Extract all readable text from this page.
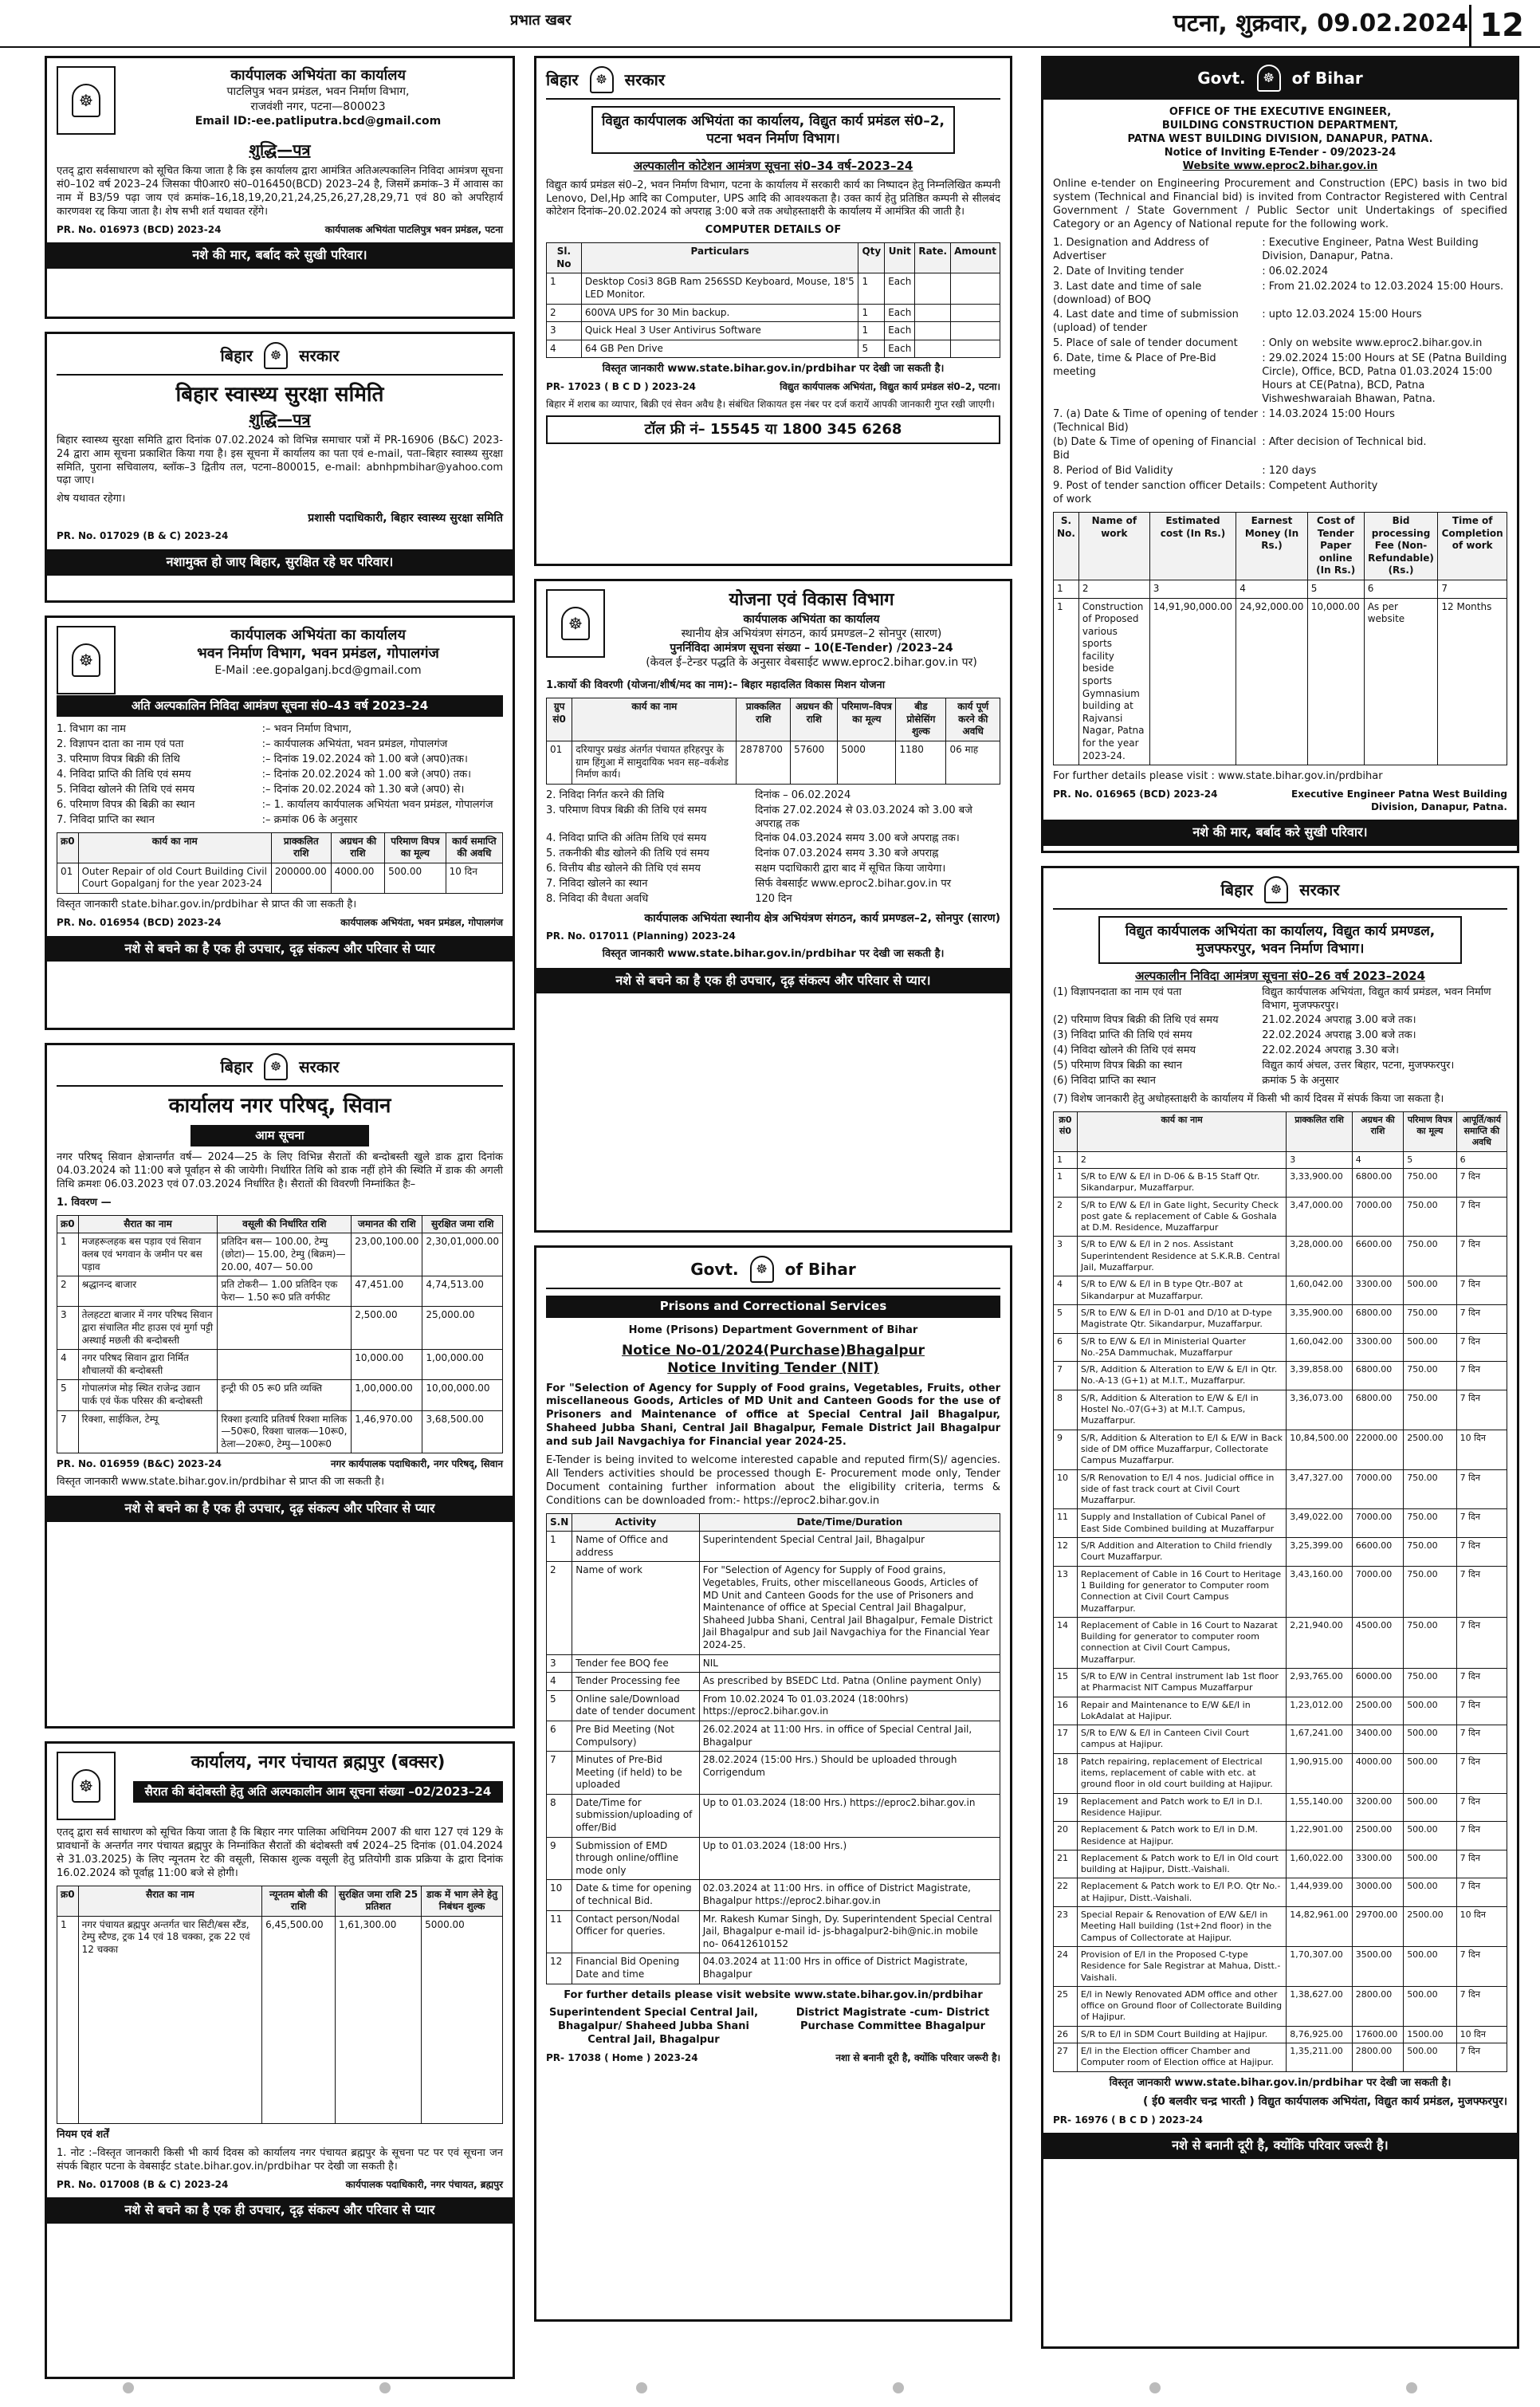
प्रभात खबर	पटना, शुक्रवार, 09.02.2024 12
☸
कार्यपालक अभियंता का कार्यालय
पाटलिपुत्र भवन प्रमंडल, भवन निर्माण विभाग,
राजवंशी नगर, पटना—800023
Email ID:-ee.patliputra.bcd@gmail.com
शुद्धि—पत्र
एतद् द्वारा सर्वसाधारण को सूचित किया जाता है कि इस कार्यालय द्वारा आमंत्रित अतिअल्पकालिन निविदा आमंत्रण सूचना सं0–102 वर्ष 2023–24 जिसका पी0आर0 सं0–016450(BCD) 2023–24 है, जिसमें क्रमांक–3 में आवास का नाम में B3/59 पढ़ा जाय एवं क्रमांक–16,18,19,20,21,24,25,26,27,28,29,71 एवं 80 को अपरिहार्य कारणवश रद्द किया जाता है। शेष सभी शर्त यथावत रहेंगे।
PR. No. 016973 (BCD) 2023-24	कार्यपालक अभियंता पाटलिपुत्र भवन प्रमंडल, पटना
नशे की मार, बर्बाद करे सुखी परिवार।
बिहार	☸	सरकार
बिहार स्वास्थ्य सुरक्षा समिति
शुद्धि—पत्र
बिहार स्वास्थ्य सुरक्षा समिति द्वारा दिनांक 07.02.2024 को विभिन्न समाचार पत्रों में PR-16906 (B&C) 2023-24 द्वारा आम सूचना प्रकाशित किया गया है। इस सूचना में कार्यालय का पता एवं e-mail, पता–बिहार स्वास्थ्य सुरक्षा समिति, पुराना सचिवालय, ब्लॉक–3 द्वितीय तल, पटना–800015, e-mail: abnhpmbihar@yahoo.com पढ़ा जाए।
शेष यथावत रहेगा।
प्रशासी पदाधिकारी, बिहार स्वास्थ्य सुरक्षा समिति
PR. No. 017029 (B & C) 2023-24
नशामुक्त हो जाए बिहार, सुरक्षित रहे घर परिवार।
☸
कार्यपालक अभियंता का कार्यालय
भवन निर्माण विभाग, भवन प्रमंडल, गोपालगंज
E-Mail :ee.gopalganj.bcd@gmail.com
अति अल्पकालिन निविदा आमंत्रण सूचना सं0–43 वर्ष 2023–24
1. विभाग का नाम	:– भवन निर्माण विभाग,
2. विज्ञापन दाता का नाम एवं पता	:– कार्यपालक अभियंता, भवन प्रमंडल, गोपालगंज
3. परिमाण विपत्र बिक्री की तिथि	:– दिनांक 19.02.2024 को 1.00 बजे (अप0)तक।
4. निविदा प्राप्ति की तिथि एवं समय	:– दिनांक 20.02.2024 को 1.00 बजे (अप0) तक।
5. निविदा खोलने की तिथि एवं समय	:– दिनांक 20.02.2024 को 1.30 बजे (अप0) से।
6. परिमाण विपत्र की बिक्री का स्थान	:– 1. कार्यालय कार्यपालक अभियंता भवन प्रमंडल, गोपालगंज
7. निविदा प्राप्ति का स्थान	:– क्रमांक 06 के अनुसार
क्र0	कार्य का नाम	प्राक्कलित राशि	अग्रधन की राशि	परिमाण विपत्र का मूल्य	कार्य समाप्ति की अवधि
01	Outer Repair of old Court Building Civil Court Gopalganj for the year 2023-24	200000.00	4000.00	500.00	10 दिन
विस्तृत जानकारी state.bihar.gov.in/prdbihar से प्राप्त की जा सकती है।
PR. No. 016954 (BCD) 2023-24	कार्यपालक अभियंता, भवन प्रमंडल, गोपालगंज
नशे से बचने का है एक ही उपचार, दृढ़ संकल्प और परिवार से प्यार
बिहार	☸	सरकार
कार्यालय नगर परिषद्, सिवान
आम सूचना
नगर परिषद् सिवान क्षेत्रान्तर्गत वर्ष— 2024—25 के लिए विभिन्न सैरातों की बन्दोबस्ती खुले डाक द्वारा दिनांक 04.03.2024 को 11:00 बजे पूर्वाहन से की जायेगी। निर्धारित तिथि को डाक नहीं होने की स्थिति में डाक की अगली तिथि क्रमशः 06.03.2023 एवं 07.03.2024 निर्धारित है। सैरातों की विवरणी निम्नांकित हैः–
1. विवरण —
क्र0	सैरात का नाम	वसूली की निर्धारित राशि	जमानत की राशि	सुरक्षित जमा राशि
1	मजहरूलहक बस पड़ाव एवं सिवान क्लब एवं भगवान के जमीन पर बस पड़ाव	प्रतिदिन बस— 100.00, टेम्पु (छोटा)— 15.00, टेम्पु (बिक्रम)—20.00, 407— 50.00	23,00,100.00	2,30,01,000.00
2	श्रद्धानन्द बाजार	प्रति टोकरी— 1.00 प्रतिदिन एक फेरा— 1.50 रू0 प्रति वर्गफीट	47,451.00	4,74,513.00
3	तेलहटटा बाजार में नगर परिषद सिवान द्वारा संचालित मीट हाउस एवं मुर्गा पट्टी अस्थाई मछली की बन्दोबस्ती		2,500.00	25,000.00
4	नगर परिषद सिवान द्वारा निर्मित शौचालयों की बन्दोबस्ती		10,000.00	1,00,000.00
5	गोपालगंज मोड़ स्थित राजेन्द्र उद्यान पार्क एवं फेंक परिसर की बन्दोबस्ती	इन्ट्री फी 05 रू0 प्रति व्यक्ति	1,00,000.00	10,00,000.00
7	रिक्शा, साईकिल, टेम्पू	रिक्शा इत्यादि प्रतिवर्ष रिक्शा मालिक—50रू0, रिक्शा चालक—10रू0, ठेला—20रू0, टेम्पु—100रू0	1,46,970.00	3,68,500.00
PR. No. 016959 (B&C) 2023-24	नगर कार्यपालक पदाधिकारी, नगर परिषद्, सिवान
विस्तृत जानकारी www.state.bihar.gov.in/prdbihar से प्राप्त की जा सकती है।
नशे से बचने का है एक ही उपचार, दृढ़ संकल्प और परिवार से प्यार
☸
कार्यालय, नगर पंचायत ब्रह्मपुर (बक्सर)
सैरात की बंदोबस्ती हेतु अति अल्पकालीन आम सूचना संख्या –02/2023–24
एतद् द्वारा सर्व साधारण को सूचित किया जाता है कि बिहार नगर पालिका अधिनियम 2007 की धारा 127 एवं 129 के प्रावधानों के अन्तर्गत नगर पंचायत ब्रह्मपुर के निम्नांकित सैरातों की बंदोबस्ती वर्ष 2024–25 दिनांक (01.04.2024 से 31.03.2025) के लिए न्यूनतम रेट की वसूली, सिकास शुल्क वसूली हेतु प्रतियोगी डाक प्रक्रिया के द्वारा दिनांक 16.02.2024 को पूर्वाह्न 11:00 बजे से होगी।
क्र0	सैरात का नाम	न्यूनतम बोली की राशि	सुरक्षित जमा राशि 25 प्रतिशत	डाक में भाग लेने हेतु निबंधन शुल्क
1	नगर पंचायत ब्रह्मपुर अन्तर्गत चार सिटी/बस स्टैंड, टेम्पु स्टैण्ड, ट्रक 14 एवं 18 चक्का, ट्रक 22 एवं 12 चक्का	6,45,500.00	1,61,300.00	5000.00
नियम एवं शर्तें
1. नोट :–विस्तृत जानकारी किसी भी कार्य दिवस को कार्यालय नगर पंचायत ब्रह्मपुर के सूचना पट पर एवं सूचना जन संपर्क बिहार पटना के वेबसाईट state.bihar.gov.in/prdbihar पर देखी जा सकती है।
PR. No. 017008 (B & C) 2023-24	कार्यपालक पदाधिकारी, नगर पंचायत, ब्रह्मपुर
नशे से बचने का है एक ही उपचार, दृढ़ संकल्प और परिवार से प्यार
बिहार	☸	सरकार
विद्युत कार्यपालक अभियंता का कार्यालय, विद्युत कार्य प्रमंडल सं0–2, पटना भवन निर्माण विभाग।
अल्पकालीन कोटेशन आमंत्रण सूचना सं0–34 वर्ष–2023–24
विद्युत कार्य प्रमंडल सं0–2, भवन निर्माण विभाग, पटना के कार्यालय में सरकारी कार्य का निष्पादन हेतु निम्नलिखित कम्पनी Lenovo, Del,Hp आदि का Computer, UPS आदि की आवश्यकता है। उक्त कार्य हेतु प्रतिष्ठित कम्पनी से सीलबंद कोटेशन दिनांक–20.02.2024 को अपराह्न 3:00 बजे तक अधोहस्ताक्षरी के कार्यालय में आमंत्रित की जाती है।
COMPUTER DETAILS OF
Sl. No	Particulars	Qty	Unit	Rate.	Amount
1	Desktop Cosi3 8GB Ram 256SSD Keyboard, Mouse, 18'5 LED Monitor.	1	Each		
2	600VA UPS for 30 Min backup.	1	Each		
3	Quick Heal 3 User Antivirus Software	1	Each		
4	64 GB Pen Drive	5	Each		
विस्तृत जानकारी www.state.bihar.gov.in/prdbihar पर देखी जा सकती है।
PR- 17023 ( B C D ) 2023-24	विद्युत कार्यपालक अभियंता, विद्युत कार्य प्रमंडल सं0–2, पटना।
बिहार में शराब का व्यापार, बिक्री एवं सेवन अवैध है। संबंधित शिकायत इस नंबर पर दर्ज करायें आपकी जानकारी गुप्त रखी जाएगी।
टॉल फ्री नं– 15545 या 1800 345 6268
☸
योजना एवं विकास विभाग
कार्यपालक अभियंता का कार्यालय
स्थानीय क्षेत्र अभियंत्रण संगठन, कार्य प्रमण्डल–2 सोनपुर (सारण)
पुनर्निविदा आमंत्रण सूचना संख्या – 10(E-Tender) /2023–24
(केवल ई–टेन्डर पद्धति के अनुसार वेबसाईट www.eproc2.bihar.gov.in पर)
1.कार्यो की विवरणी (योजना/शीर्ष/मद का नाम):– बिहार महादलित विकास मिशन योजना
ग्रुप सं0	कार्य का नाम	प्राक्कलित राशि	अग्रधन की राशि	परिमाण–विपत्र का मूल्य	बीड प्रोसेसिंग शुल्क	कार्य पूर्ण करने की अवधि
01	दरियापुर प्रखंड अंतर्गत पंचायत हरिहरपुर के ग्राम हिंगुआ में सामुदायिक भवन सह–वर्कशेड निर्माण कार्य।	2878700	57600	5000	1180	06 माह
2. निविदा निर्गत करने की तिथि	दिनांक – 06.02.2024
3. परिमाण विपत्र बिक्री की तिथि एवं समय	दिनांक 27.02.2024 से 03.03.2024 को 3.00 बजे अपराह्न तक
4. निविदा प्राप्ति की अंतिम तिथि एवं समय	दिनांक 04.03.2024 समय 3.00 बजे अपराह्न तक।
5. तकनीकी बीड खोलने की तिथि एवं समय	दिनांक 07.03.2024 समय 3.30 बजे अपराह्न
6. वित्तीय बीड खोलने की तिथि एवं समय	सक्षम पदाधिकारी द्वारा बाद में सूचित किया जायेगा।
7. निविदा खोलने का स्थान	सिर्फ वेबसाईट www.eproc2.bihar.gov.in पर
8. निविदा की वैधता अवधि	120 दिन
कार्यपालक अभियंता स्थानीय क्षेत्र अभियंत्रण संगठन, कार्य प्रमण्डल–2, सोनपुर (सारण)
PR. No. 017011 (Planning) 2023-24
विस्तृत जानकारी www.state.bihar.gov.in/prdbihar पर देखी जा सकती है।
नशे से बचने का है एक ही उपचार, दृढ़ संकल्प और परिवार से प्यार।
Govt.	☸	of Bihar
Prisons and Correctional Services
Home (Prisons) Department Government of Bihar
Notice No-01/2024(Purchase)Bhagalpur
Notice Inviting Tender (NIT)
For "Selection of Agency for Supply of Food grains, Vegetables, Fruits, other miscellaneous Goods, Articles of MD Unit and Canteen Goods for the use of Prisoners and Maintenance of office at Special Central Jail Bhagalpur, Shaheed Jubba Shani, Central Jail Bhagalpur, Female District Jail Bhagalpur and sub Jail Navgachiya for Financial year 2024-25.
E-Tender is being invited to welcome interested capable and reputed firm(S)/ agencies. All Tenders activities should be processed though E- Procurement mode only, Tender Document containing further information about the eligibility criteria, terms & Conditions can be downloaded from:- https://eproc2.bihar.gov.in
S.N	Activity	Date/Time/Duration
1	Name of Office and address	Superintendent Special Central Jail, Bhagalpur
2	Name of work	For "Selection of Agency for Supply of Food grains, Vegetables, Fruits, other miscellaneous Goods, Articles of MD Unit and Canteen Goods for the use of Prisoners and Maintenance of office at Special Central Jail Bhagalpur, Shaheed Jubba Shani, Central Jail Bhagalpur, Female District Jail Bhagalpur and sub Jail Navgachiya for the Financial Year 2024-25.
3	Tender fee BOQ fee	NIL
4	Tender Processing fee	As prescribed by BSEDC Ltd. Patna (Online payment Only)
5	Online sale/Download date of tender document	From 10.02.2024 To 01.03.2024 (18:00hrs) https://eproc2.bihar.gov.in
6	Pre Bid Meeting (Not Compulsory)	26.02.2024 at 11:00 Hrs. in office of Special Central Jail, Bhagalpur
7	Minutes of Pre-Bid Meeting (if held) to be uploaded	28.02.2024 (15:00 Hrs.) Should be uploaded through Corrigendum
8	Date/Time for submission/uploading of offer/Bid	Up to 01.03.2024 (18:00 Hrs.) https://eproc2.bihar.gov.in
9	Submission of EMD through online/offline mode only	Up to 01.03.2024 (18:00 Hrs.)
10	Date & time for opening of technical Bid.	02.03.2024 at 11:00 Hrs. in office of District Magistrate, Bhagalpur https://eproc2.bihar.gov.in
11	Contact person/Nodal Officer for queries.	Mr. Rakesh Kumar Singh, Dy. Superintendent Special Central Jail, Bhagalpur e-mail id- js-bhagalpur2-bih@nic.in mobile no- 06412610152
12	Financial Bid Opening Date and time	04.03.2024 at 11:00 Hrs in office of District Magistrate, Bhagalpur
For further details please visit website www.state.bihar.gov.in/prdbihar
Superintendent Special Central Jail, Bhagalpur/ Shaheed Jubba Shani Central Jail, Bhagalpur
District Magistrate -cum- District Purchase Committee Bhagalpur
PR- 17038 ( Home ) 2023-24	नशा से बनानी दूरी है, क्योंकि परिवार जरूरी है।
Govt.	☸	of Bihar
OFFICE OF THE EXECUTIVE ENGINEER,
BUILDING CONSTRUCTION DEPARTMENT,
PATNA WEST BUILDING DIVISION, DANAPUR, PATNA.
Notice of Inviting E-Tender - 09/2023-24
Website www.eproc2.bihar.gov.in
Online e-tender on Engineering Procurement and Construction (EPC) basis in two bid system (Technical and Financial bid) is invited from Contractor Registered with Central Government / State Government / Public Sector unit Undertakings of specified Category or an Agency of National repute for the following work.
1. Designation and Address of Advertiser
: Executive Engineer, Patna West Building Division, Danapur, Patna.
2. Date of Inviting tender	: 06.02.2024
3. Last date and time of sale (download) of BOQ
: From 21.02.2024 to 12.03.2024 15:00 Hours.
4. Last date and time of submission (upload) of tender
: upto 12.03.2024 15:00 Hours
5. Place of sale of tender document	: Only on website www.eproc2.bihar.gov.in
6. Date, time & Place of Pre-Bid meeting
: 29.02.2024 15:00 Hours at SE (Patna Building Circle), Office, BCD, Patna 01.03.2024 15:00 Hours at CE(Patna), BCD, Patna Vishweshwaraiah Bhawan, Patna.
7. (a) Date & Time of opening of tender (Technical Bid)
: 14.03.2024 15:00 Hours
(b) Date & Time of opening of Financial Bid
: After decision of Technical bid.
8. Period of Bid Validity	: 120 days
9. Post of tender sanction officer Details of work
: Competent Authority
S. No.	Name of work	Estimated cost (In Rs.)	Earnest Money (In Rs.)	Cost of Tender Paper online (In Rs.)	Bid processing Fee (Non-Refundable) (Rs.)	Time of Completion of work
1	2	3	4	5	6	7
1	Construction of Proposed various sports facility beside sports Gymnasium building at Rajvansi Nagar, Patna for the year 2023-24.	14,91,90,000.00	24,92,000.00	10,000.00	As per website	12 Months
For further details please visit : www.state.bihar.gov.in/prdbihar
PR. No. 016965 (BCD) 2023-24	Executive Engineer Patna West Building Division, Danapur, Patna.
नशे की मार, बर्बाद करे सुखी परिवार।
बिहार	☸	सरकार
विद्युत कार्यपालक अभियंता का कार्यालय, विद्युत कार्य प्रमण्डल, मुजफ्फरपुर, भवन निर्माण विभाग।
अल्पकालीन निविदा आमंत्रण सूचना सं0–26 वर्ष 2023–2024
(1) विज्ञापनदाता का नाम एवं पता	विद्युत कार्यपालक अभियंता, विद्युत कार्य प्रमंडल, भवन निर्माण विभाग, मुजफ्फरपुर।
(2) परिमाण विपत्र बिक्री की तिथि एवं समय	21.02.2024 अपराह्न 3.00 बजे तक।
(3) निविदा प्राप्ति की तिथि एवं समय	22.02.2024 अपराह्न 3.00 बजे तक।
(4) निविदा खोलने की तिथि एवं समय	22.02.2024 अपराह्न 3.30 बजे।
(5) परिमाण विपत्र बिक्री का स्थान	विद्युत कार्य अंचल, उत्तर बिहार, पटना, मुजफ्फरपुर।
(6) निविदा प्राप्ति का स्थान	क्रमांक 5 के अनुसार
(7) विशेष जानकारी हेतु अधोहस्ताक्षरी के कार्यालय में किसी भी कार्य दिवस में संपर्क किया जा सकता है।
क्र0 सं0	कार्य का नाम	प्राक्कलित राशि	अग्रधन की राशि	परिमाण विपत्र का मूल्य	आपूर्ति/कार्य समाप्ति की अवधि
1	2	3	4	5	6
1	S/R to E/W & E/I in D-06 & B-15 Staff Qtr. Sikandarpur, Muzaffarpur.	3,33,900.00	6800.00	750.00	7 दिन
2	S/R to E/W & E/I in Gate light, Security Check post gate & replacement of Cable & Goshala at D.M. Residence, Muzaffarpur	3,47,000.00	7000.00	750.00	7 दिन
3	S/R to E/W & E/I in 2 nos. Assistant Superintendent Residence at S.K.R.B. Central Jail, Muzaffarpur.	3,28,000.00	6600.00	750.00	7 दिन
4	S/R to E/W & E/I in B type Qtr.-B07 at Sikandarpur at Muzaffarpur.	1,60,042.00	3300.00	500.00	7 दिन
5	S/R to E/W & E/I in D-01 and D/10 at D-type Magistrate Qtr. Sikandarpur, Muzaffarpur.	3,35,900.00	6800.00	750.00	7 दिन
6	S/R to E/W & E/I in Ministerial Quarter No.-25A Dammuchak, Muzaffarpur	1,60,042.00	3300.00	500.00	7 दिन
7	S/R, Addition & Alteration to E/W & E/I in Qtr. No.-A-13 (G+1) at M.I.T., Muzaffarpur.	3,39,858.00	6800.00	750.00	7 दिन
8	S/R, Addition & Alteration to E/W & E/I in Hostel No.-07(G+3) at M.I.T. Campus, Muzaffarpur.	3,36,073.00	6800.00	750.00	7 दिन
9	S/R, Addition & Alteration to E/I & E/W in Back side of DM office Muzaffarpur, Collectorate Campus Muzaffarpur.	10,84,500.00	22000.00	2500.00	10 दिन
10	S/R Renovation to E/I 4 nos. Judicial office in side of fast track court at Civil Court Muzaffarpur.	3,47,327.00	7000.00	750.00	7 दिन
11	Supply and Installation of Cubical Panel of East Side Combined building at Muzaffarpur	3,49,022.00	7000.00	750.00	7 दिन
12	S/R Addition and Alteration to Child friendly Court Muzaffarpur.	3,25,399.00	6600.00	750.00	7 दिन
13	Replacement of Cable in 16 Court to Heritage 1 Building for generator to Computer room Connection at Civil Court Campus Muzaffarpur.	3,43,160.00	7000.00	750.00	7 दिन
14	Replacement of Cable in 16 Court to Nazarat Building for generator to computer room connection at Civil Court Campus, Muzaffarpur.	2,21,940.00	4500.00	750.00	7 दिन
15	S/R to E/W in Central instrument lab 1st floor at Pharmacist NIT Campus Muzaffarpur	2,93,765.00	6000.00	750.00	7 दिन
16	Repair and Maintenance to E/W &E/I in LokAdalat at Hajipur.	1,23,012.00	2500.00	500.00	7 दिन
17	S/R to E/W & E/I in Canteen Civil Court campus at Hajipur.	1,67,241.00	3400.00	500.00	7 दिन
18	Patch repairing, replacement of Electrical items, replacement of cable with etc. at ground floor in old court building at Hajipur.	1,90,915.00	4000.00	500.00	7 दिन
19	Replacement and Patch work to E/I in D.I. Residence Hajipur.	1,55,140.00	3200.00	500.00	7 दिन
20	Replacement & Patch work to E/I in D.M. Residence at Hajipur.	1,22,901.00	2500.00	500.00	7 दिन
21	Replacement & Patch work to E/I in Old court building at Hajipur, Distt.-Vaishali.	1,60,022.00	3300.00	500.00	7 दिन
22	Replacement & Patch work to E/I P.O. Qtr No.-at Hajipur, Distt.-Vaishali.	1,44,939.00	3000.00	500.00	7 दिन
23	Special Repair & Renovation of E/W &E/I in Meeting Hall building (1st+2nd floor) in the Campus of Collectorate at Hajipur.	14,82,961.00	29700.00	2500.00	10 दिन
24	Provision of E/I in the Proposed C-type Residence for Sale Registrar at Mahua, Distt.-Vaishali.	1,70,307.00	3500.00	500.00	7 दिन
25	E/I in Newly Renovated ADM office and other office on Ground floor of Collectorate Building of Hajipur.	1,38,627.00	2800.00	500.00	7 दिन
26	S/R to E/I in SDM Court Building at Hajipur.	8,76,925.00	17600.00	1500.00	10 दिन
27	E/I in the Election officer Chamber and Computer room of Election office at Hajipur.	1,35,211.00	2800.00	500.00	7 दिन
विस्तृत जानकारी www.state.bihar.gov.in/prdbihar पर देखी जा सकती है।
( ई0 बलवीर चन्द्र भारती ) विद्युत कार्यपालक अभियंता, विद्युत कार्य प्रमंडल, मुजफ्फरपुर।
PR- 16976 ( B C D ) 2023-24
नशे से बनानी दूरी है, क्योंकि परिवार जरूरी है।
